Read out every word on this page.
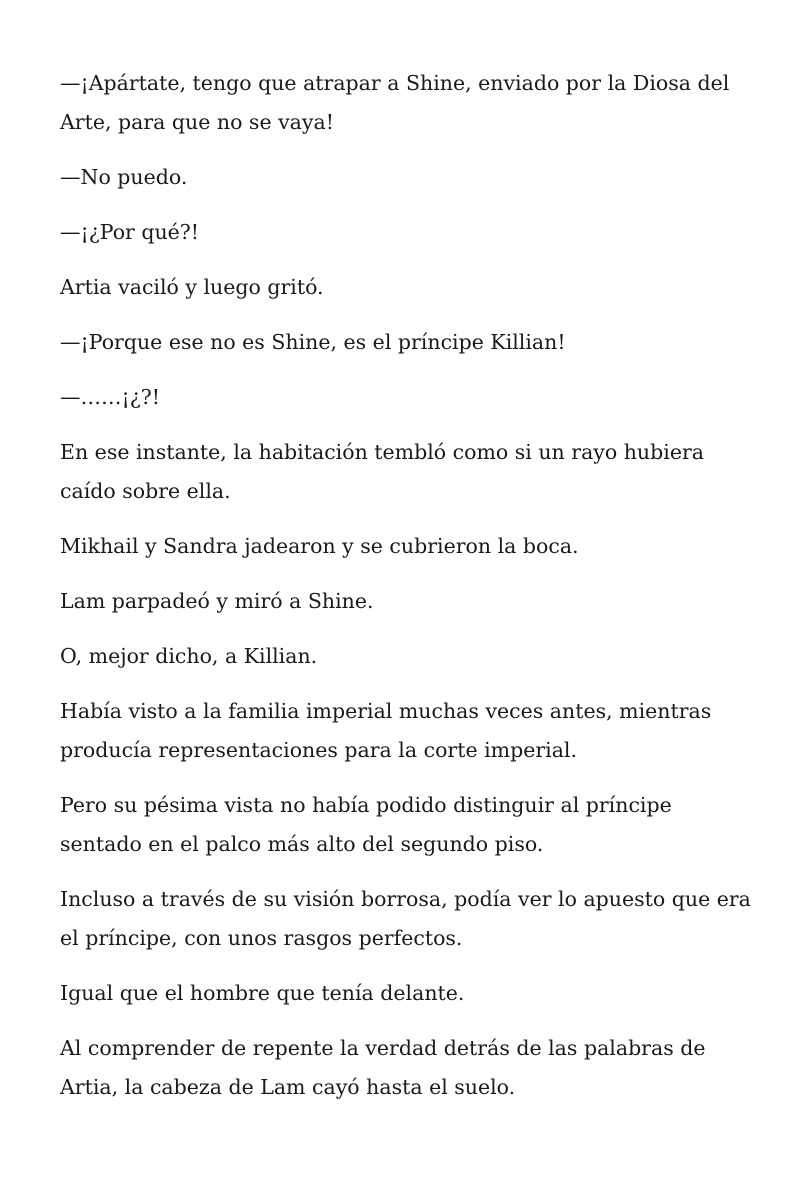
—¡Apártate, tengo que atrapar a Shine, enviado por la Diosa del Arte, para que no se vaya!

—No puedo.

—¡¿Por qué?!

Artia vaciló y luego gritó.

—¡Porque ese no es Shine, es el príncipe Killian!

—……¡¿?!

En ese instante, la habitación tembló como si un rayo hubiera caído sobre ella.

Mikhail y Sandra jadearon y se cubrieron la boca.

Lam parpadeó y miró a Shine.

O, mejor dicho, a Killian.

Había visto a la familia imperial muchas veces antes, mientras producía representaciones para la corte imperial.

Pero su pésima vista no había podido distinguir al príncipe sentado en el palco más alto del segundo piso.

Incluso a través de su visión borrosa, podía ver lo apuesto que era el príncipe, con unos rasgos perfectos.

Igual que el hombre que tenía delante.

Al comprender de repente la verdad detrás de las palabras de Artia, la cabeza de Lam cayó hasta el suelo.
